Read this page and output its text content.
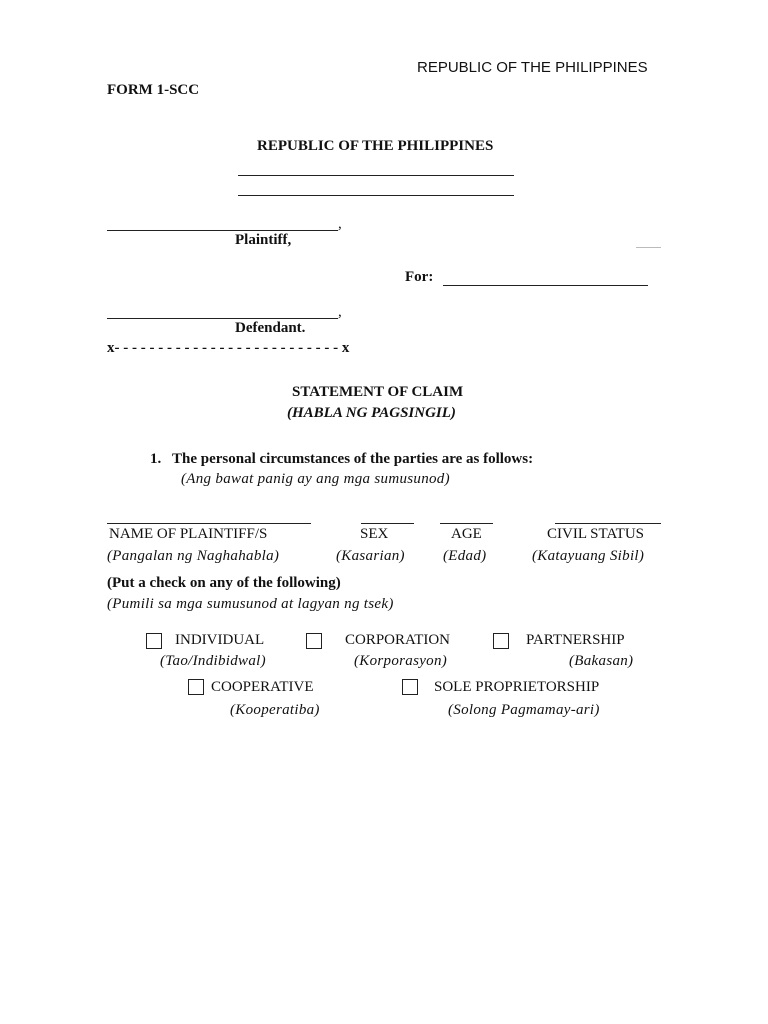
REPUBLIC OF THE PHILIPPINES
FORM 1-SCC
REPUBLIC OF THE PHILIPPINES
,
Plaintiff,
For:
,
Defendant.
x- - - - - - - - - - - - - - - - - - - - - - - - - - x
STATEMENT OF CLAIM
(HABLA NG PAGSINGIL)
1. The personal circumstances of the parties are as follows:
(Ang bawat panig ay ang mga sumusunod)
NAME OF PLAINTIFF/S	SEX	AGE	CIVIL STATUS
(Pangalan ng Naghahabla)	(Kasarian)	(Edad)	(Katayuang Sibil)
(Put a check on any of the following)
(Pumili sa mga sumusunod at lagyan ng tsek)
INDIVIDUAL
(Tao/Indibidwal)
CORPORATION
(Korporasyon)
PARTNERSHIP
(Bakasan)
COOPERATIVE
(Kooperatiba)
SOLE PROPRIETORSHIP
(Solong Pagmamay-ari)
